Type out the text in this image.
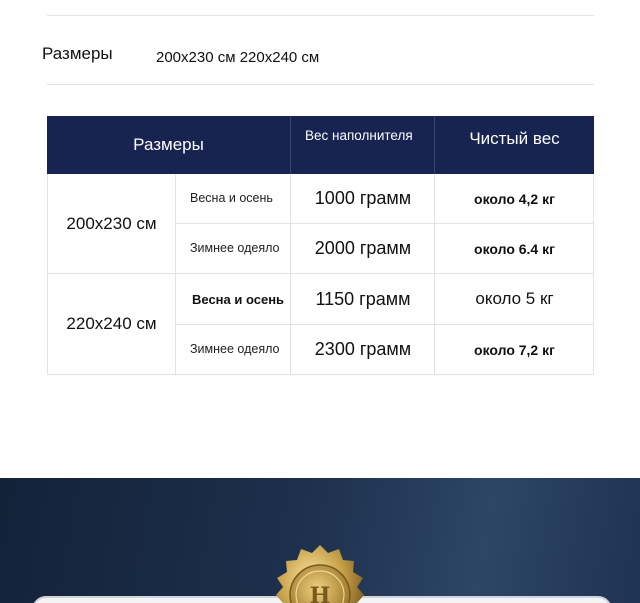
Размеры	200x230 см 220x240 см
Размеры	Вес наполнителя	Чистый вес
200x230 см
Весна и осень 1000 грамм	около 4,2 кг
Зимнее одеяло 2000 грамм	около 6.4 кг
220x240 см
Весна и осень 1150 грамм	около 5 кг
Зимнее одеяло 2300 грамм	около 7,2 кг
H
